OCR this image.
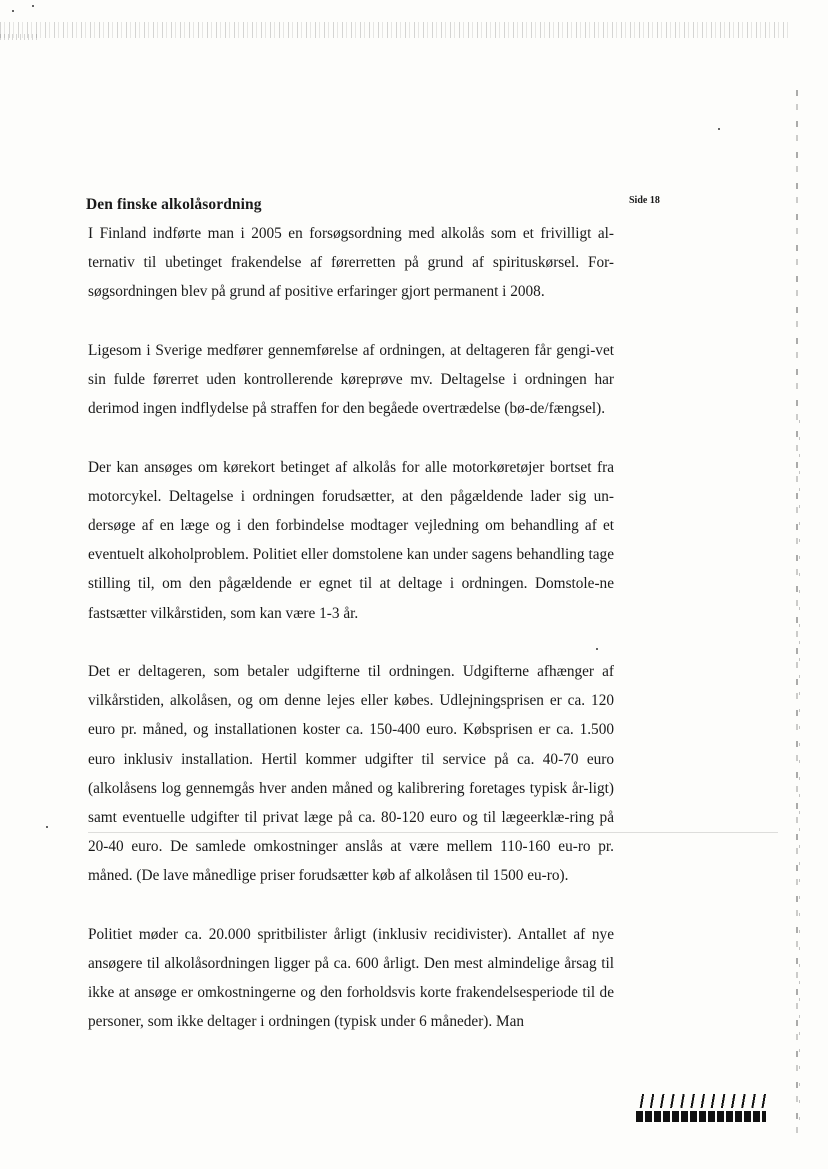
Den finske alkolåsordning	Side 18

I Finland indførte man i 2005 en forsøgsordning med alkolås som et frivilligt al-ternativ til ubetinget frakendelse af førerretten på grund af spirituskørsel. For-søgsordningen blev på grund af positive erfaringer gjort permanent i 2008.

Ligesom i Sverige medfører gennemførelse af ordningen, at deltageren får gengi-vet sin fulde førerret uden kontrollerende køreprøve mv. Deltagelse i ordningen har derimod ingen indflydelse på straffen for den begåede overtrædelse (bø-de/fængsel).

Der kan ansøges om kørekort betinget af alkolås for alle motorkøretøjer bortset fra motorcykel. Deltagelse i ordningen forudsætter, at den pågældende lader sig un-dersøge af en læge og i den forbindelse modtager vejledning om behandling af et eventuelt alkoholproblem. Politiet eller domstolene kan under sagens behandling tage stilling til, om den pågældende er egnet til at deltage i ordningen. Domstole-ne fastsætter vilkårstiden, som kan være 1-3 år.

Det er deltageren, som betaler udgifterne til ordningen. Udgifterne afhænger af vilkårstiden, alkolåsen, og om denne lejes eller købes. Udlejningsprisen er ca. 120 euro pr. måned, og installationen koster ca. 150-400 euro. Købsprisen er ca. 1.500 euro inklusiv installation. Hertil kommer udgifter til service på ca. 40-70 euro (alkolåsens log gennemgås hver anden måned og kalibrering foretages typisk år-ligt) samt eventuelle udgifter til privat læge på ca. 80-120 euro og til lægeerklæ-ring på 20-40 euro. De samlede omkostninger anslås at være mellem 110-160 eu-ro pr. måned. (De lave månedlige priser forudsætter køb af alkolåsen til 1500 eu-ro).

Politiet møder ca. 20.000 spritbilister årligt (inklusiv recidivister). Antallet af nye ansøgere til alkolåsordningen ligger på ca. 600 årligt. Den mest almindelige årsag til ikke at ansøge er omkostningerne og den forholdsvis korte frakendelsesperiode til de personer, som ikke deltager i ordningen (typisk under 6 måneder). Man
